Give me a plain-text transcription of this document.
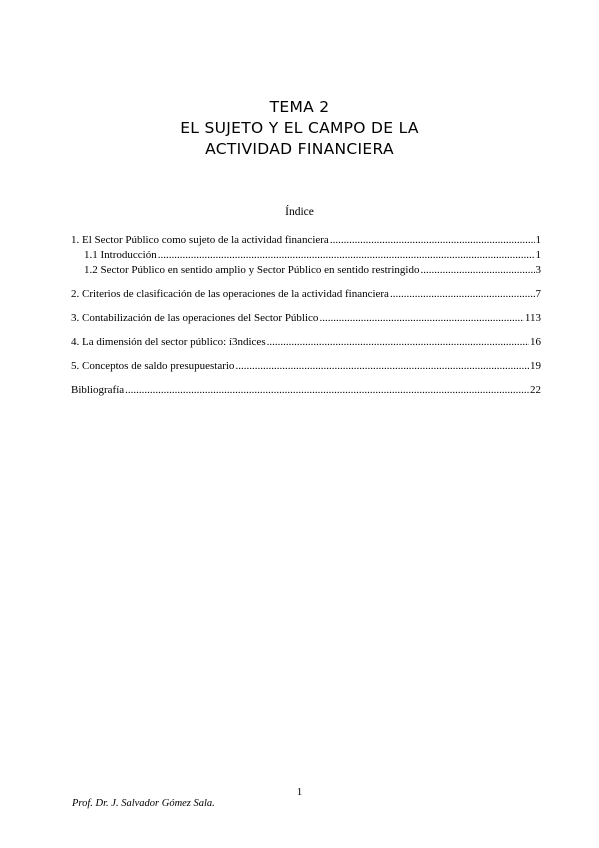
TEMA 2
EL SUJETO Y EL CAMPO DE LA
ACTIVIDAD FINANCIERA
Índice
1. El Sector Público como sujeto de la actividad financiera .....	1
1.1 Introducción .....	1
1.2 Sector Público en sentido amplio y Sector Público en sentido restringido .....	3
2. Criterios de clasificación de las operaciones de la actividad financiera .....	7
3. Contabilización de las operaciones del Sector Público .....	113
4. La dimensión del sector público: í3ndices .....	16
5. Conceptos de saldo presupuestario .....	19
Bibliografía .....	22
1
Prof. Dr. J. Salvador Gómez Sala.
